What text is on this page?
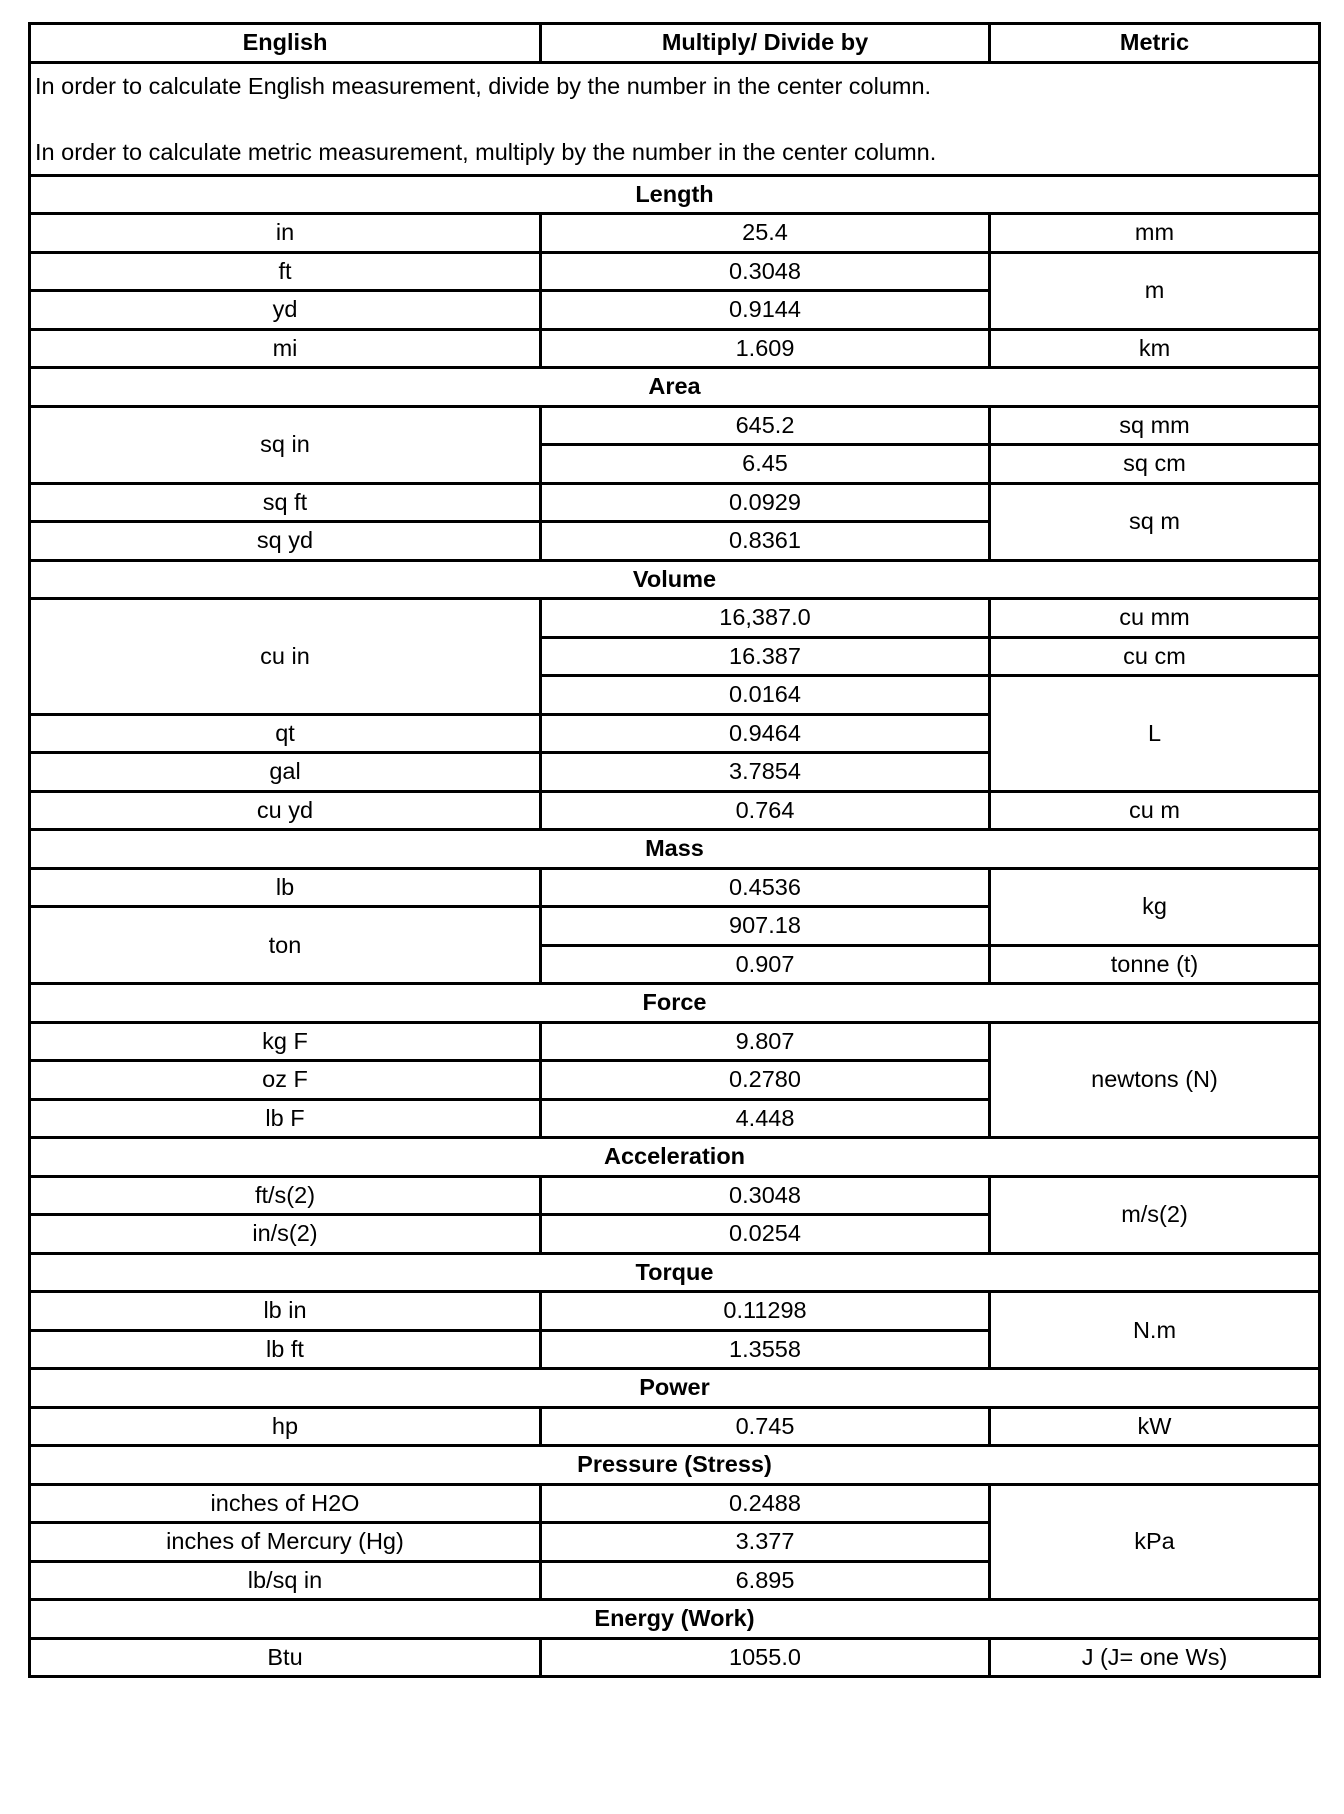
English	Multiply/ Divide by	Metric

In order to calculate English measurement, divide by the number in the center column.

In order to calculate metric measurement, multiply by the number in the center column.		

Length		
in	25.4	mm
ft	0.3048	m
yd	0.9144	
mi	1.609	km
Area		
sq in	645.2	sq mm
	6.45	sq cm
sq ft	0.0929	sq m
sq yd	0.8361	
Volume		
cu in	16,387.0	cu mm
	16.387	cu cm
	0.0164	L
qt	0.9464	
gal	3.7854	
cu yd	0.764	cu m
Mass		
lb	0.4536	kg
ton	907.18	
	0.907	tonne (t)
Force		
kg F	9.807	newtons (N)
oz F	0.2780	
lb F	4.448	
Acceleration		
ft/s(2)	0.3048	m/s(2)
in/s(2)	0.0254	
Torque		
lb in	0.11298	N.m
lb ft	1.3558	
Power		
hp	0.745	kW
Pressure (Stress)		
inches of H2O	0.2488	kPa
inches of Mercury (Hg)	3.377	
lb/sq in	6.895	
Energy (Work)		
Btu	1055.0	J (J= one Ws)
